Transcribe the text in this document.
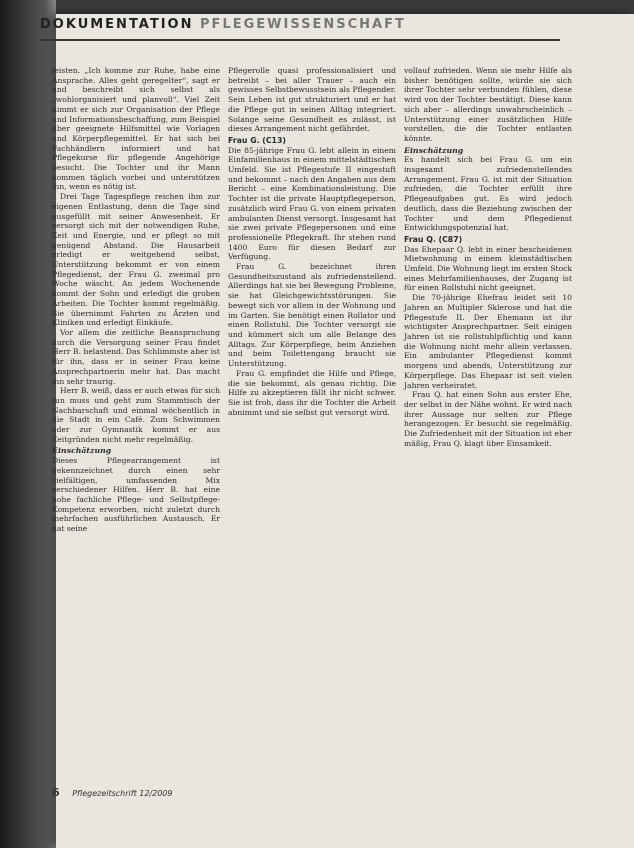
DOKUMENTATION PFLEGEWISSENSCHAFT

leisten. „Ich komme zur Ruhe, habe eine Ansprache. Alles geht geregelter“, sagt er und beschreibt sich selbst als „wohlorganisiert und planvoll“. Viel Zeit nimmt er sich zur Organisation der Pflege und Informationsbeschaffung, zum Beispiel über geeignete Hilfsmittel wie Vorlagen und Körperpflegemittel. Er hat sich bei Fachhändlern informiert und hat Pflegekurse für pflegende Angehörige besucht. Die Tochter und ihr Mann kommen täglich vorbei und unterstützen ihn, wenn es nötig ist.

Drei Tage Tagespflege reichen ihm zur eigenen Entlastung, denn die Tage sind ausgefüllt mit seiner Anwesenheit. Er versorgt sich mit der notwendigen Ruhe, Zeit und Energie, und er pflegt so mit genügend Abstand. Die Hausarbeit erledigt er weitgehend selbst, Unterstützung bekommt er von einem Pflegedienst, der Frau G. zweimal pro Woche wäscht. An jedem Wochenende kommt der Sohn und erledigt die groben Arbeiten. Die Tochter kommt regelmäßig. Sie übernimmt Fahrten zu Ärzten und Kliniken und erledigt Einkäufe.

Vor allem die zeitliche Beanspruchung durch die Versorgung seiner Frau findet Herr B. belastend. Das Schlimmste aber ist für ihn, dass er in seiner Frau keine Ansprechpartnerin mehr hat. Das macht ihn sehr traurig.

Herr B. weiß, dass er auch etwas für sich tun muss und geht zum Stammtisch der Nachbarschaft und einmal wöchentlich in die Stadt in ein Café. Zum Schwimmen oder zur Gymnastik kommt er aus Zeitgründen nicht mehr regelmäßig.

Einschätzung

Dieses Pflegearrangement ist gekennzeichnet durch einen sehr vielfältigen, umfassenden Mix verschiedener Hilfen. Herr B. hat eine hohe fachliche Pflege- und Selbstpflege-Kompetenz erworben, nicht zuletzt durch mehrfachen ausführlichen Austausch. Er hat seine

Pflegerolle quasi professionalisiert und betreibt – bei aller Trauer – auch ein gewisses Selbstbewusstsein als Pflegender. Sein Leben ist gut strukturiert und er hat die Pflege gut in seinen Alltag integriert. Solange seine Gesundheit es zulässt, ist dieses Arrangement nicht gefährdet.

Frau G. (C13)

Die 85-jährige Frau G. lebt allein in einem Einfamilienhaus in einem mittelstädtischen Umfeld. Sie ist Pflegestufe II eingestuft und bekommt – nach den Angaben aus dem Bericht – eine Kombinationsleistung. Die Tochter ist die private Hauptpflegeperson, zusätzlich wird Frau G. von einem privaten ambulanten Dienst versorgt. Insgesamt hat sie zwei private Pflegepersonen und eine professionelle Pflegekraft. Ihr stehen rund 1400 Euro für diesen Bedarf zur Verfügung.

Frau G. bezeichnet ihren Gesundheitszustand als zufriedenstellend. Allerdings hat sie bei Bewegung Probleme, sie hat Gleichgewichtsstörungen. Sie bewegt sich vor allem in der Wohnung und im Garten. Sie benötigt einen Rollator und einen Rollstuhl. Die Tochter versorgt sie und kümmert sich um alle Belange des Alltags. Zur Körperpflege, beim Anziehen und beim Toilettengang braucht sie Unterstützung.

Frau G. empfindet die Hilfe und Pflege, die sie bekommt, als genau richtig. Die Hilfe zu akzeptieren fällt ihr nicht schwer. Sie ist froh, dass ihr die Tochter die Arbeit abnimmt und sie selbst gut versorgt wird.

vollauf zufrieden. Wenn sie mehr Hilfe als bisher benötigen sollte, würde sie sich ihrer Tochter sehr verbunden fühlen, diese wird von der Tochter bestätigt. Diese kann sich aber – allerdings unwahrscheinlich – Unterstützung einer zusätzlichen Hilfe vorstellen, die die Tochter entlasten könnte.

Einschätzung

Es handelt sich bei Frau G. um ein insgesamt zufriedenstellendes Arrangement. Frau G. ist mit der Situation zufrieden, die Tochter erfüllt ihre Pflegeaufgaben gut. Es wird jedoch deutlich, dass die Beziehung zwischen der Tochter und dem Pflegedienst Entwicklungspotenzial hat.

Frau Q. (C87)

Das Ehepaar Q. lebt in einer bescheidenen Mietwohnung in einem kleinstädtischen Umfeld. Die Wohnung liegt im ersten Stock eines Mehrfamilienhauses, der Zugang ist für einen Rollstuhl nicht geeignet.

Die 70-jährige Ehefrau leidet seit 10 Jahren an Multipler Sklerose und hat die Pflegestufe II. Der Ehemann ist ihr wichtigster Ansprechpartner. Seit einigen Jahren ist sie rollstuhlpflichtig und kann die Wohnung nicht mehr allein verlassen. Ein ambulanter Pflegedienst kommt morgens und abends, Unterstützung zur Körperpflege. Das Ehepaar ist seit vielen Jahren verheiratet.

Frau Q. hat einen Sohn aus erster Ehe, der selbst in der Nähe wohnt. Er wird nach ihrer Aussage nur selten zur Pflege herangezogen. Er besucht sie regelmäßig. Die Zufriedenheit mit der Situation ist eher mäßig, Frau Q. klagt über Einsamkeit.

6 Pflegezeitschrift 12/2009
